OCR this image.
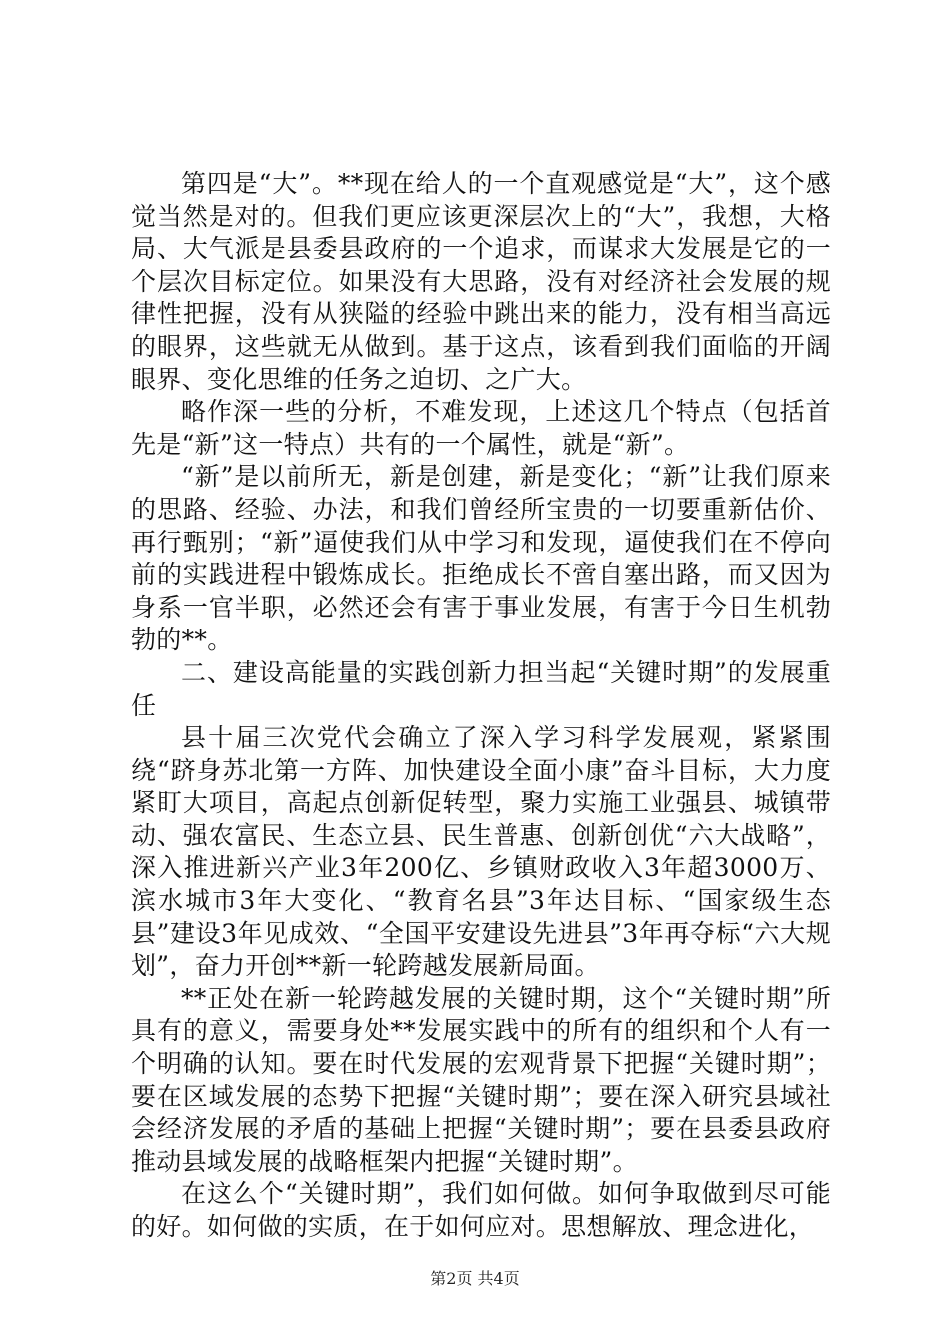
第四是“大”。**现在给人的一个直观感觉是“大”，这个感觉当然是对的。但我们更应该更深层次上的“大”，我想，大格局、大气派是县委县政府的一个追求，而谋求大发展是它的一个层次目标定位。如果没有大思路，没有对经济社会发展的规律性把握，没有从狭隘的经验中跳出来的能力，没有相当高远的眼界，这些就无从做到。基于这点，该看到我们面临的开阔眼界、变化思维的任务之迫切、之广大。

略作深一些的分析，不难发现，上述这几个特点（包括首先是“新”这一特点）共有的一个属性，就是“新”。

“新”是以前所无，新是创建，新是变化；“新”让我们原来的思路、经验、办法，和我们曾经所宝贵的一切要重新估价、再行甄别；“新”逼使我们从中学习和发现，逼使我们在不停向前的实践进程中锻炼成长。拒绝成长不啻自塞出路，而又因为身系一官半职，必然还会有害于事业发展，有害于今日生机勃勃的**。

二、建设高能量的实践创新力担当起“关键时期”的发展重任

县十届三次党代会确立了深入学习科学发展观，紧紧围绕“跻身苏北第一方阵、加快建设全面小康”奋斗目标，大力度紧盯大项目，高起点创新促转型，聚力实施工业强县、城镇带动、强农富民、生态立县、民生普惠、创新创优“六大战略”，深入推进新兴产业3年200亿、乡镇财政收入3年超3000万、滨水城市3年大变化、“教育名县”3年达目标、“国家级生态县”建设3年见成效、“全国平安建设先进县”3年再夺标“六大规划”，奋力开创**新一轮跨越发展新局面。

**正处在新一轮跨越发展的关键时期，这个“关键时期”所具有的意义，需要身处**发展实践中的所有的组织和个人有一个明确的认知。要在时代发展的宏观背景下把握“关键时期”；要在区域发展的态势下把握“关键时期”；要在深入研究县域社会经济发展的矛盾的基础上把握“关键时期”；要在县委县政府推动县域发展的战略框架内把握“关键时期”。

在这么个“关键时期”，我们如何做。如何争取做到尽可能的好。如何做的实质，在于如何应对。思想解放、理念进化，

第2页 共4页
